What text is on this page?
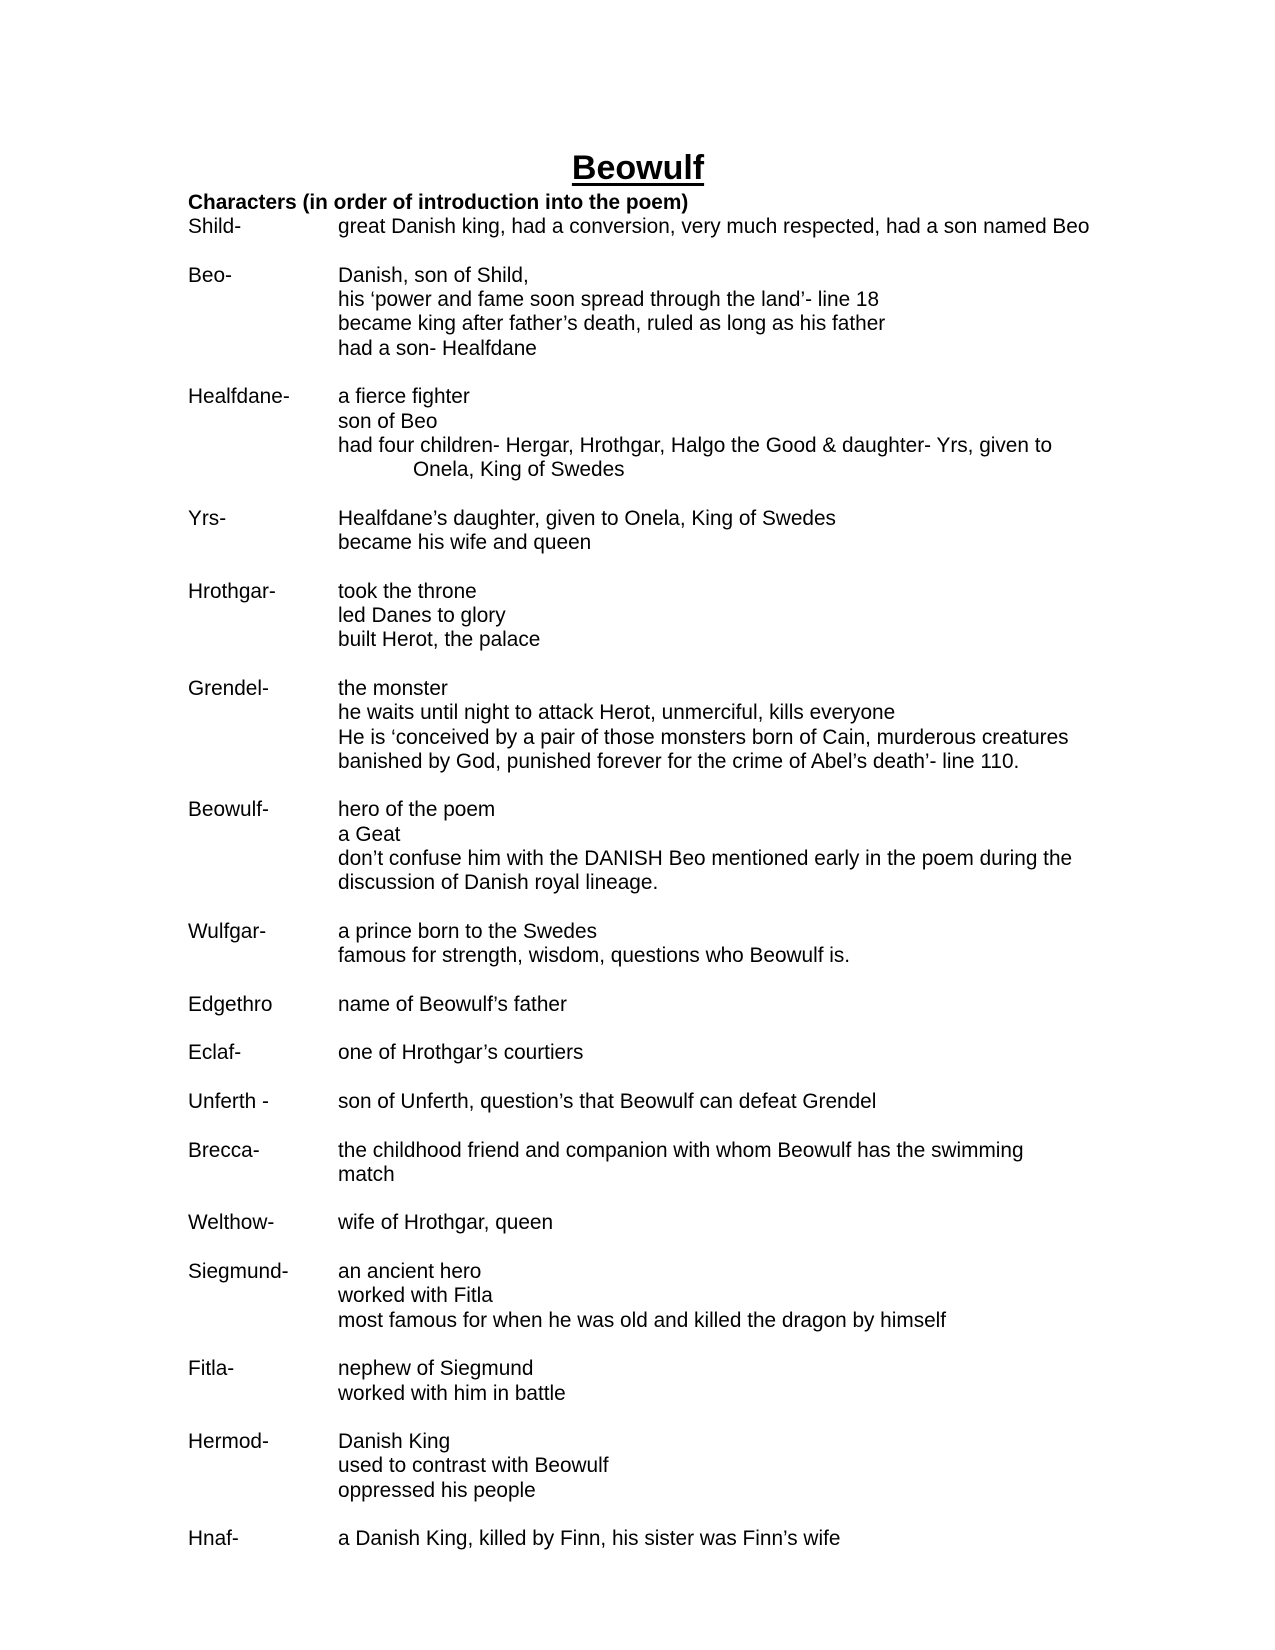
Beowulf
Characters (in order of introduction into the poem)
Shild-	great Danish king, had a conversion, very much respected, had a son named Beo
Beo-	Danish, son of Shild,
his ‘power and fame soon spread through the land’- line 18
became king after father’s death, ruled as long as his father
had a son- Healfdane
Healfdane-	a fierce fighter
son of Beo
had four children- Hergar, Hrothgar, Halgo the Good & daughter- Yrs, given to
Onela, King of Swedes
Yrs-	Healfdane’s daughter, given to Onela, King of Swedes
became his wife and queen
Hrothgar-	took the throne
led Danes to glory
built Herot, the palace
Grendel-	the monster
he waits until night to attack Herot, unmerciful, kills everyone
He is ‘conceived by a pair of those monsters born of Cain, murderous creatures
banished by God, punished forever for the crime of Abel’s death’- line 110.
Beowulf-	hero of the poem
a Geat
don’t confuse him with the DANISH Beo mentioned early in the poem during the
discussion of Danish royal lineage.
Wulfgar-	a prince born to the Swedes
famous for strength, wisdom, questions who Beowulf is.
Edgethro	name of Beowulf’s father
Eclaf-	one of Hrothgar’s courtiers
Unferth -	son of Unferth, question’s that Beowulf can defeat Grendel
Brecca-	the childhood friend and companion with whom Beowulf has the swimming
match
Welthow-	wife of Hrothgar, queen
Siegmund-	an ancient hero
worked with Fitla
most famous for when he was old and killed the dragon by himself
Fitla-	nephew of Siegmund
worked with him in battle
Hermod-	Danish King
used to contrast with Beowulf
oppressed his people
Hnaf-	a Danish King, killed by Finn, his sister was Finn’s wife
